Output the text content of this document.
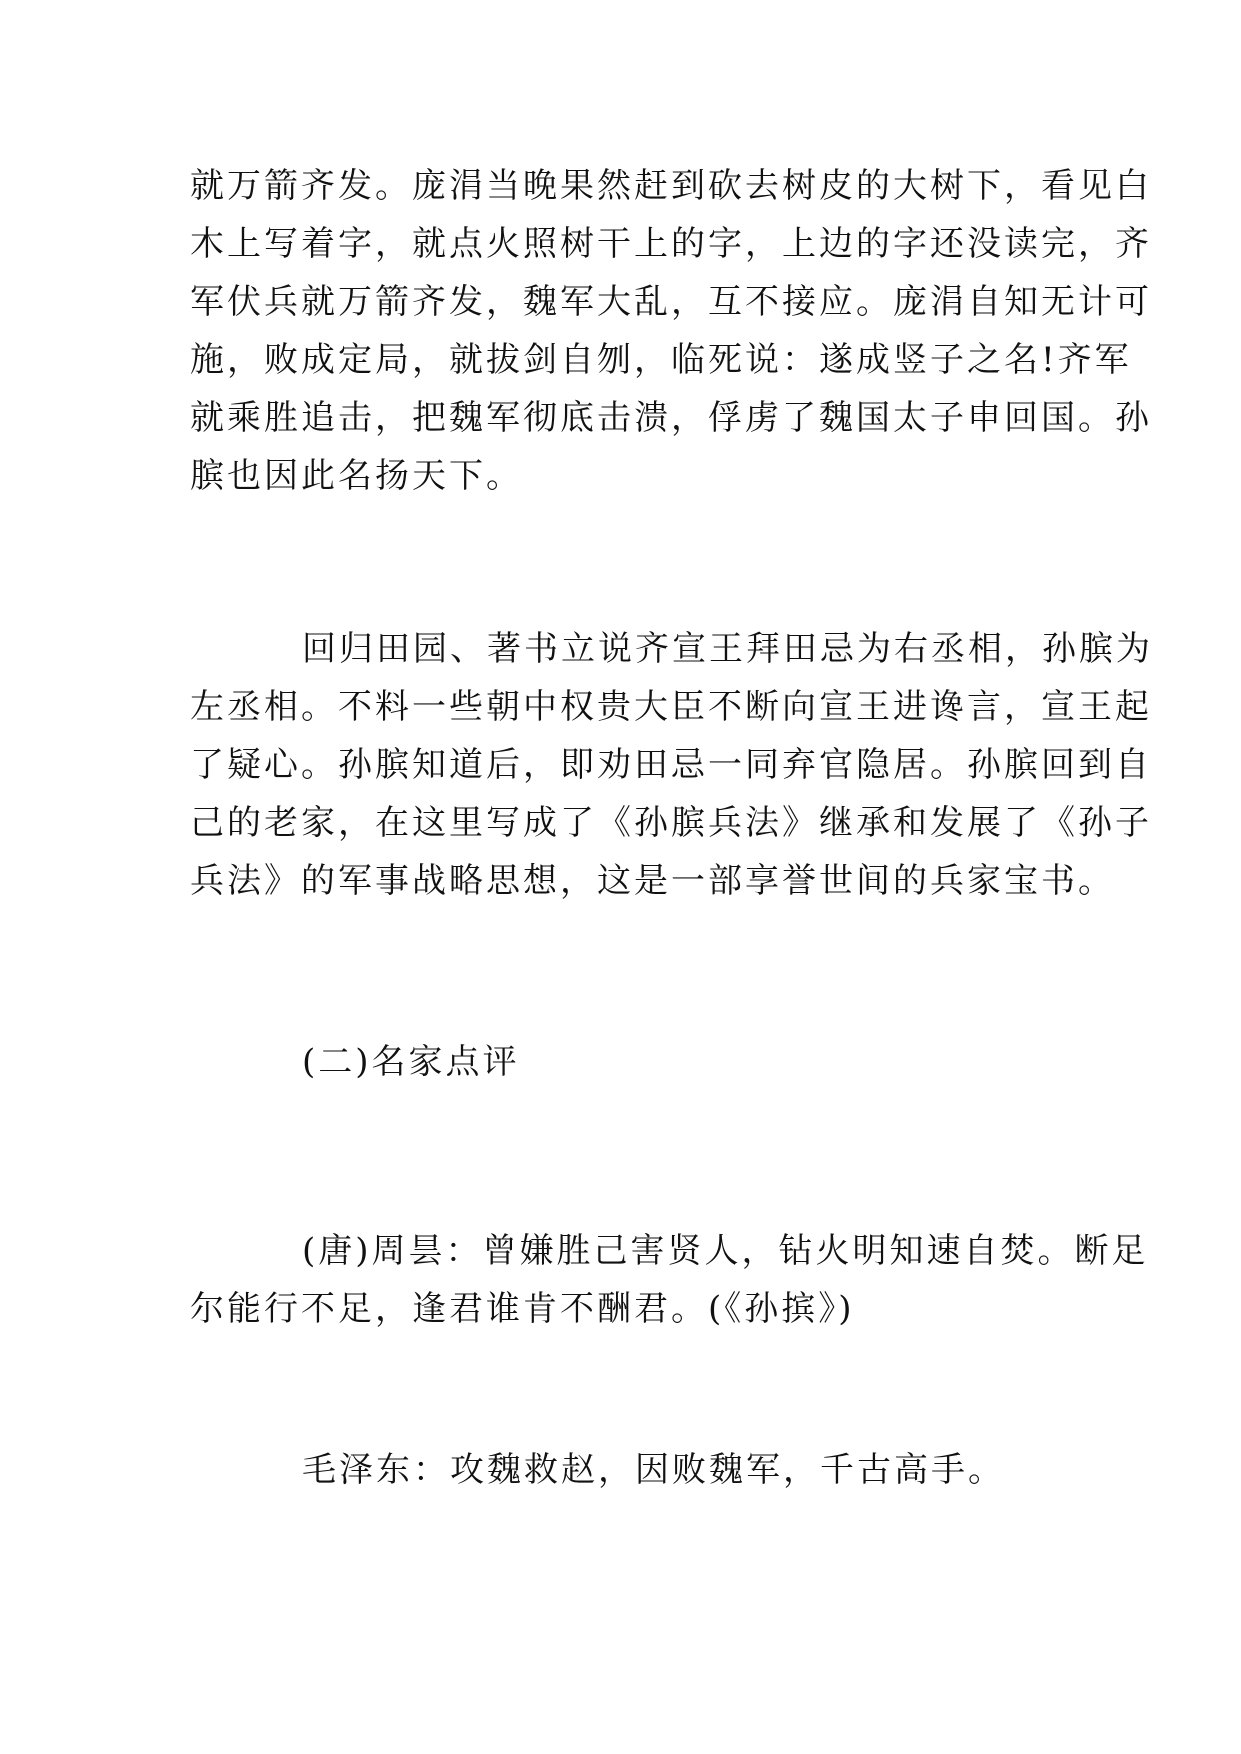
就万箭齐发。庞涓当晚果然赶到砍去树皮的大树下，看见白
木上写着字，就点火照树干上的字，上边的字还没读完，齐
军伏兵就万箭齐发，魏军大乱，互不接应。庞涓自知无计可
施，败成定局，就拔剑自刎，临死说：遂成竖子之名!齐军
就乘胜追击，把魏军彻底击溃，俘虏了魏国太子申回国。孙
膑也因此名扬天下。
回归田园、著书立说齐宣王拜田忌为右丞相，孙膑为
左丞相。不料一些朝中权贵大臣不断向宣王进谗言，宣王起
了疑心。孙膑知道后，即劝田忌一同弃官隐居。孙膑回到自
己的老家，在这里写成了《孙膑兵法》继承和发展了《孙子
兵法》的军事战略思想，这是一部享誉世间的兵家宝书。
(二)名家点评
(唐)周昙：曾嫌胜己害贤人，钻火明知速自焚。断足
尔能行不足，逢君谁肯不酬君。(《孙摈》)
毛泽东：攻魏救赵，因败魏军，千古高手。
